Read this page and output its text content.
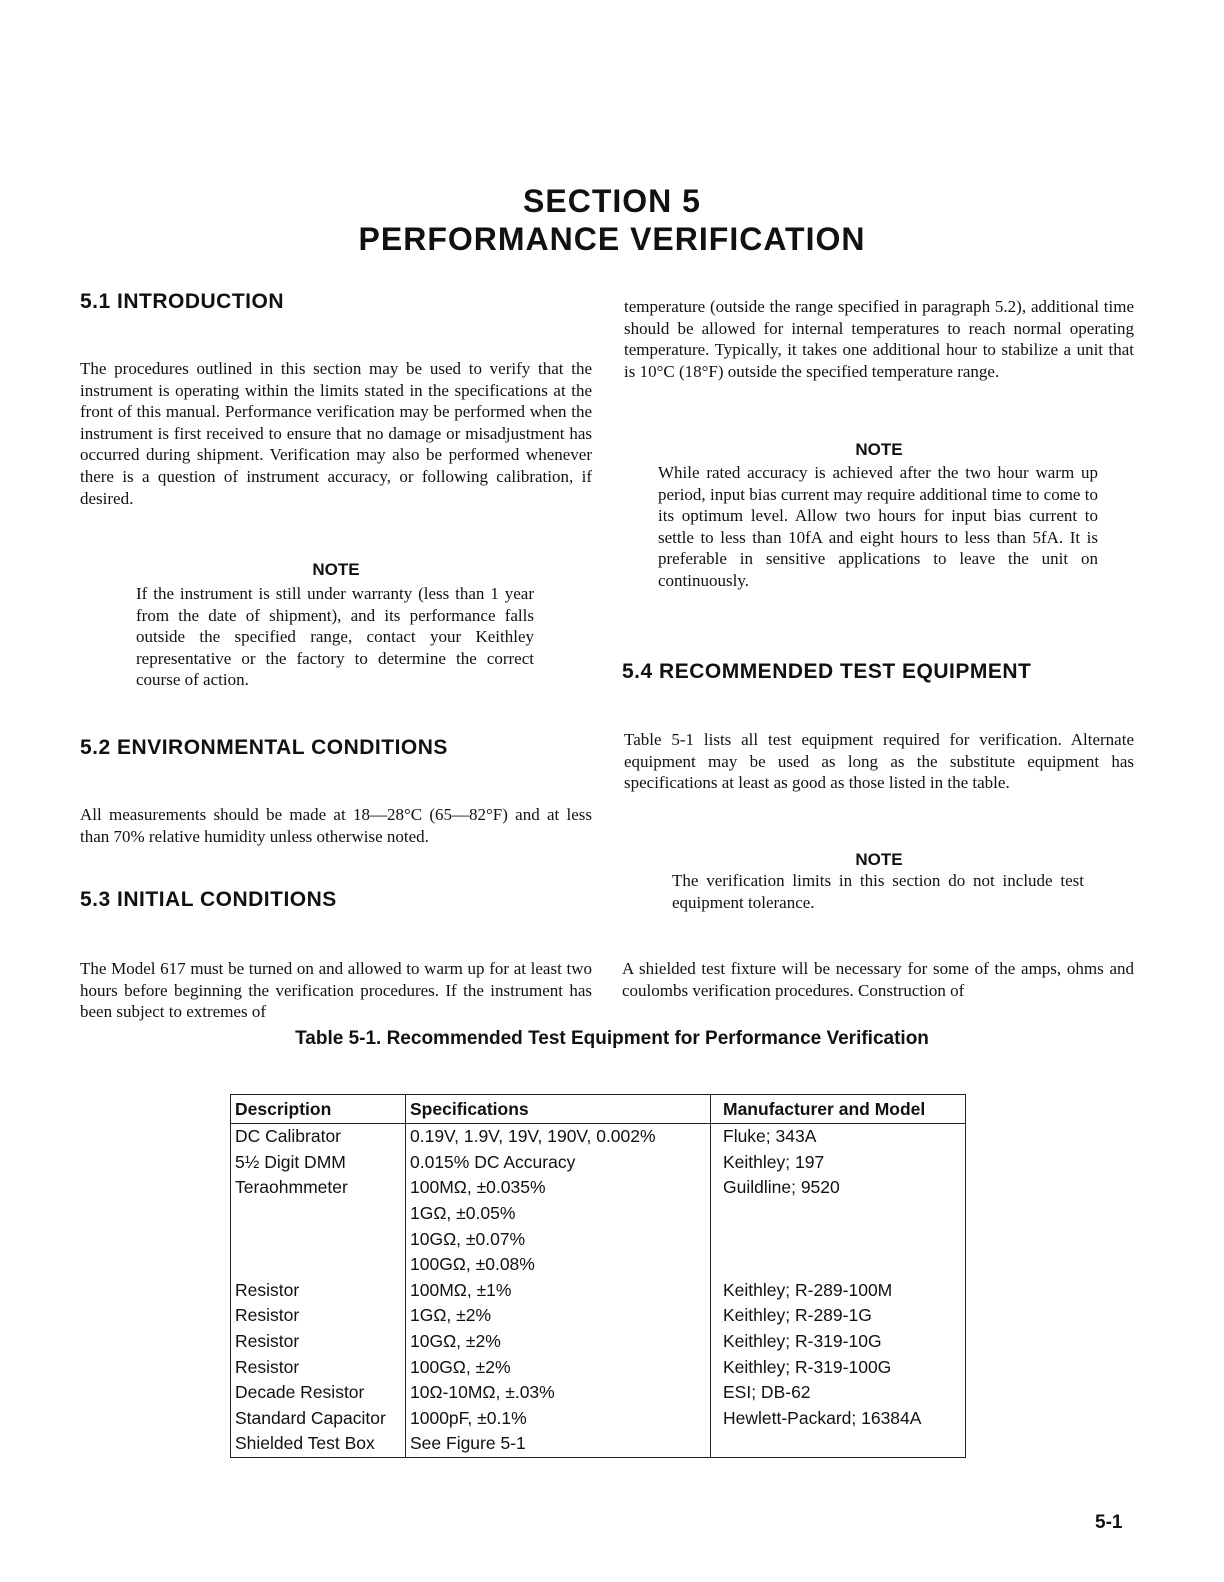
SECTION 5
PERFORMANCE VERIFICATION
5.1 INTRODUCTION

The procedures outlined in this section may be used to verify that the instrument is operating within the limits stated in the specifications at the front of this manual. Performance verification may be performed when the instrument is first received to ensure that no damage or misadjustment has occurred during shipment. Verification may also be performed whenever there is a question of instrument accuracy, or following calibration, if desired.

NOTE

If the instrument is still under warranty (less than 1 year from the date of shipment), and its performance falls outside the specified range, contact your Keithley representative or the factory to determine the correct course of action.

5.2 ENVIRONMENTAL CONDITIONS

All measurements should be made at 18—28°C (65—82°F) and at less than 70% relative humidity unless otherwise noted.

5.3 INITIAL CONDITIONS

The Model 617 must be turned on and allowed to warm up for at least two hours before beginning the verification procedures. If the instrument has been subject to extremes of

temperature (outside the range specified in paragraph 5.2), additional time should be allowed for internal temperatures to reach normal operating temperature. Typically, it takes one additional hour to stabilize a unit that is 10°C (18°F) outside the specified temperature range.

NOTE

While rated accuracy is achieved after the two hour warm up period, input bias current may require additional time to come to its optimum level. Allow two hours for input bias current to settle to less than 10fA and eight hours to less than 5fA. It is preferable in sensitive applications to leave the unit on continuously.

5.4 RECOMMENDED TEST EQUIPMENT

Table 5-1 lists all test equipment required for verification. Alternate equipment may be used as long as the substitute equipment has specifications at least as good as those listed in the table.

NOTE

The verification limits in this section do not include test equipment tolerance.

A shielded test fixture will be necessary for some of the amps, ohms and coulombs verification procedures. Construction of

Table 5-1. Recommended Test Equipment for Performance Verification
Description	Specifications	Manufacturer and Model
DC Calibrator	0.19V, 1.9V, 19V, 190V, 0.002%	Fluke; 343A
5½ Digit DMM	0.015% DC Accuracy	Keithley; 197
Teraohmmeter	100MΩ, ±0.035%	Guildline; 9520
	1GΩ, ±0.05%	
	10GΩ, ±0.07%	
	100GΩ, ±0.08%	
Resistor	100MΩ, ±1%	Keithley; R-289-100M
Resistor	1GΩ, ±2%	Keithley; R-289-1G
Resistor	10GΩ, ±2%	Keithley; R-319-10G
Resistor	100GΩ, ±2%	Keithley; R-319-100G
Decade Resistor	10Ω-10MΩ, ±.03%	ESI; DB-62
Standard Capacitor	1000pF, ±0.1%	Hewlett-Packard; 16384A
Shielded Test Box	See Figure 5-1	
5-1
